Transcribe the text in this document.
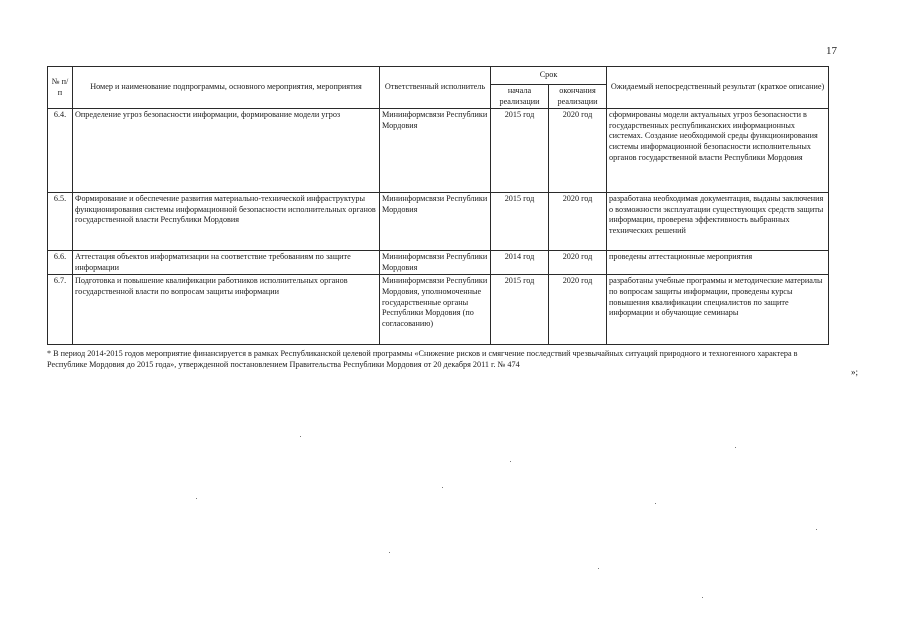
17
№ п/п	Номер и наименование подпрограммы, основного мероприятия, мероприятия	Ответственный исполнитель	Срок		Ожидаемый непосредственный результат (краткое описание)
			начала реализации	окончания реализации	
6.4.	Определение угроз безопасности информации, формирование модели угроз	Мининформсвязи Республики Мордовия	2015 год	2020 год	сформированы модели актуальных угроз безопасности в государственных республиканских информационных системах. Создание необходимой среды функционирования системы информационной безопасности исполнительных органов государственной власти Республики Мордовия
6.5.	Формирование и обеспечение развития материально-технической инфраструктуры функционирования системы информационной безопасности исполнительных органов государственной власти Республики Мордовия	Мининформсвязи Республики Мордовия	2015 год	2020 год	разработана необходимая документация, выданы заключения о возможности эксплуатации существующих средств защиты информации, проверена эффективность выбранных технических решений
6.6.	Аттестация объектов информатизации на соответствие требованиям по защите информации	Мининформсвязи Республики Мордовия	2014 год	2020 год	проведены аттестационные мероприятия
6.7.	Подготовка и повышение квалификации работников исполнительных органов государственной власти по вопросам защиты информации	Мининформсвязи Республики Мордовия, уполномоченные государственные органы Республики Мордовия (по согласованию)	2015 год	2020 год	разработаны учебные программы и методические материалы по вопросам защиты информации, проведены курсы повышения квалификации специалистов по защите информации и обучающие семинары
* В период 2014-2015 годов мероприятие финансируется в рамках Республиканской целевой программы «Снижение рисков и смягчение последствий чрезвычайных ситуаций природного и техногенного характера в Республике Мордовия до 2015 года», утвержденной постановлением Правительства Республики Мордовия от 20 декабря 2011 г. № 474
»;
